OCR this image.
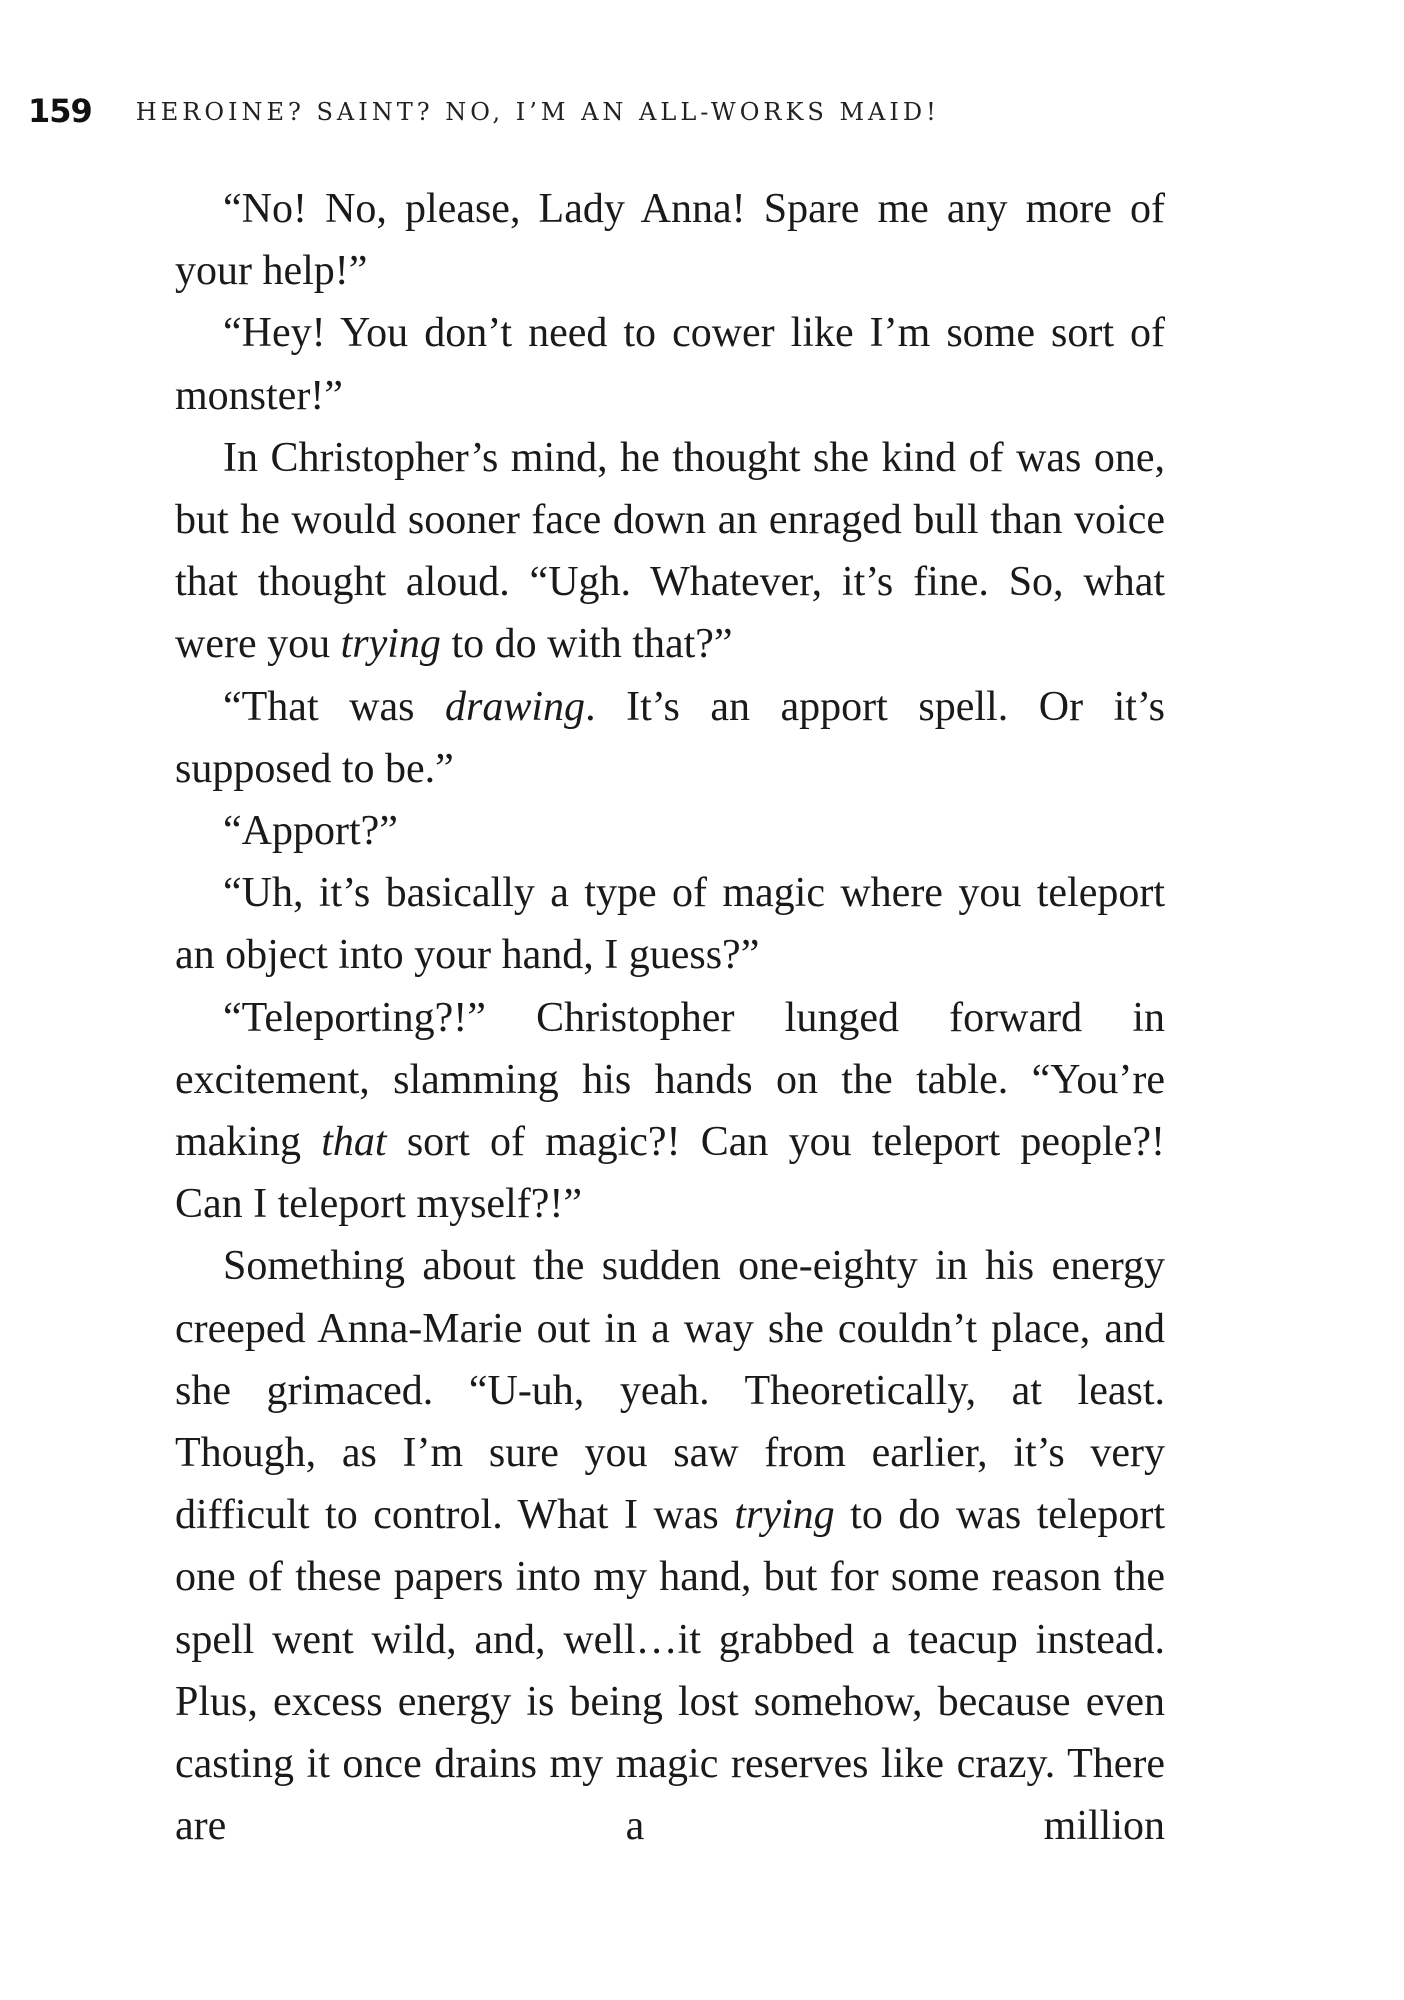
159 HEROINE? SAINT? NO, I’M AN ALL-WORKS MAID!

“No! No, please, Lady Anna! Spare me any more of your help!”

“Hey! You don’t need to cower like I’m some sort of monster!”

In Christopher’s mind, he thought she kind of was one, but he would sooner face down an enraged bull than voice that thought aloud. “Ugh. Whatever, it’s fine. So, what were you trying to do with that?”

“That was drawing. It’s an apport spell. Or it’s supposed to be.”

“Apport?”

“Uh, it’s basically a type of magic where you teleport an object into your hand, I guess?”

“Teleporting?!” Christopher lunged forward in excitement, slamming his hands on the table. “You’re making that sort of magic?! Can you teleport people?! Can I teleport myself?!”

Something about the sudden one-eighty in his energy creeped Anna-Marie out in a way she couldn’t place, and she grimaced. “U-uh, yeah. Theoretically, at least. Though, as I’m sure you saw from earlier, it’s very difficult to control. What I was trying to do was teleport one of these papers into my hand, but for some reason the spell went wild, and, well…it grabbed a teacup instead. Plus, excess energy is being lost somehow, because even casting it once drains my magic reserves like crazy. There are a million
